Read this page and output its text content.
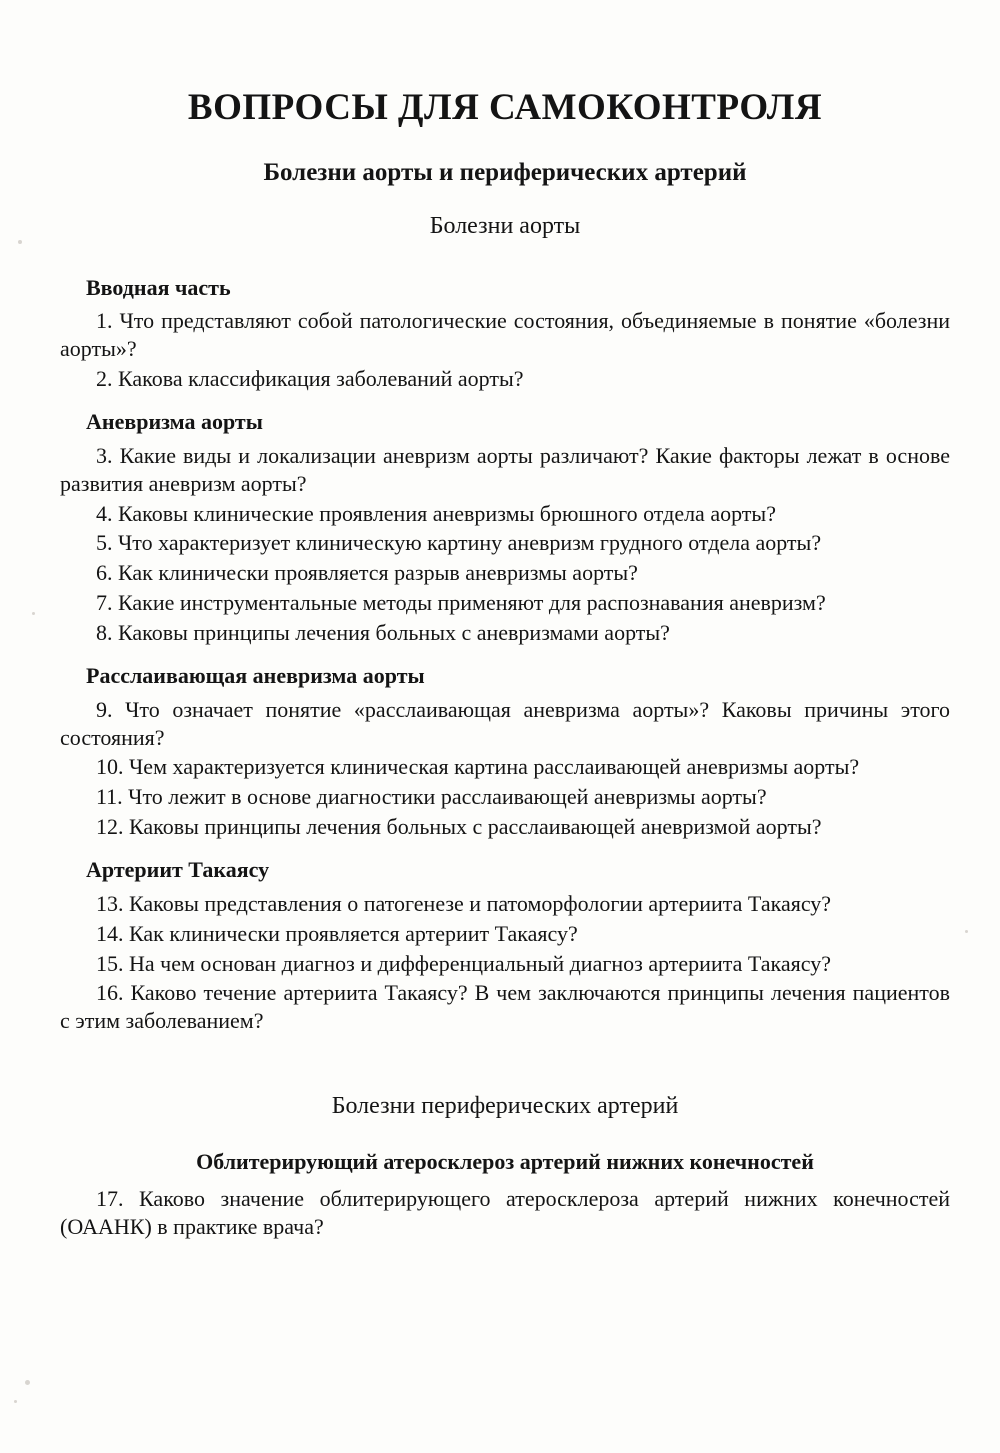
ВОПРОСЫ ДЛЯ САМОКОНТРОЛЯ
Болезни аорты и периферических артерий
Болезни аорты
Вводная часть

1. Что представляют собой патологические состояния, объединяемые в понятие «болезни аорты»?

2. Какова классификация заболеваний аорты?

Аневризма аорты

3. Какие виды и локализации аневризм аорты различают? Какие факторы лежат в основе развития аневризм аорты?

4. Каковы клинические проявления аневризмы брюшного отдела аорты?

5. Что характеризует клиническую картину аневризм грудного отдела аорты?

6. Как клинически проявляется разрыв аневризмы аорты?

7. Какие инструментальные методы применяют для распознавания аневризм?

8. Каковы принципы лечения больных с аневризмами аорты?

Расслаивающая аневризма аорты

9. Что означает понятие «расслаивающая аневризма аорты»? Каковы причины этого состояния?

10. Чем характеризуется клиническая картина расслаивающей аневризмы аорты?

11. Что лежит в основе диагностики расслаивающей аневризмы аорты?

12. Каковы принципы лечения больных с расслаивающей аневризмой аорты?

Артериит Такаясу

13. Каковы представления о патогенезе и патоморфологии артериита Такаясу?

14. Как клинически проявляется артериит Такаясу?

15. На чем основан диагноз и дифференциальный диагноз артериита Такаясу?

16. Каково течение артериита Такаясу? В чем заключаются принципы лечения пациентов с этим заболеванием?

Болезни периферических артерий
Облитерирующий атеросклероз артерий нижних конечностей

17. Каково значение облитерирующего атеросклероза артерий нижних конечностей (ОААНК) в практике врача?
